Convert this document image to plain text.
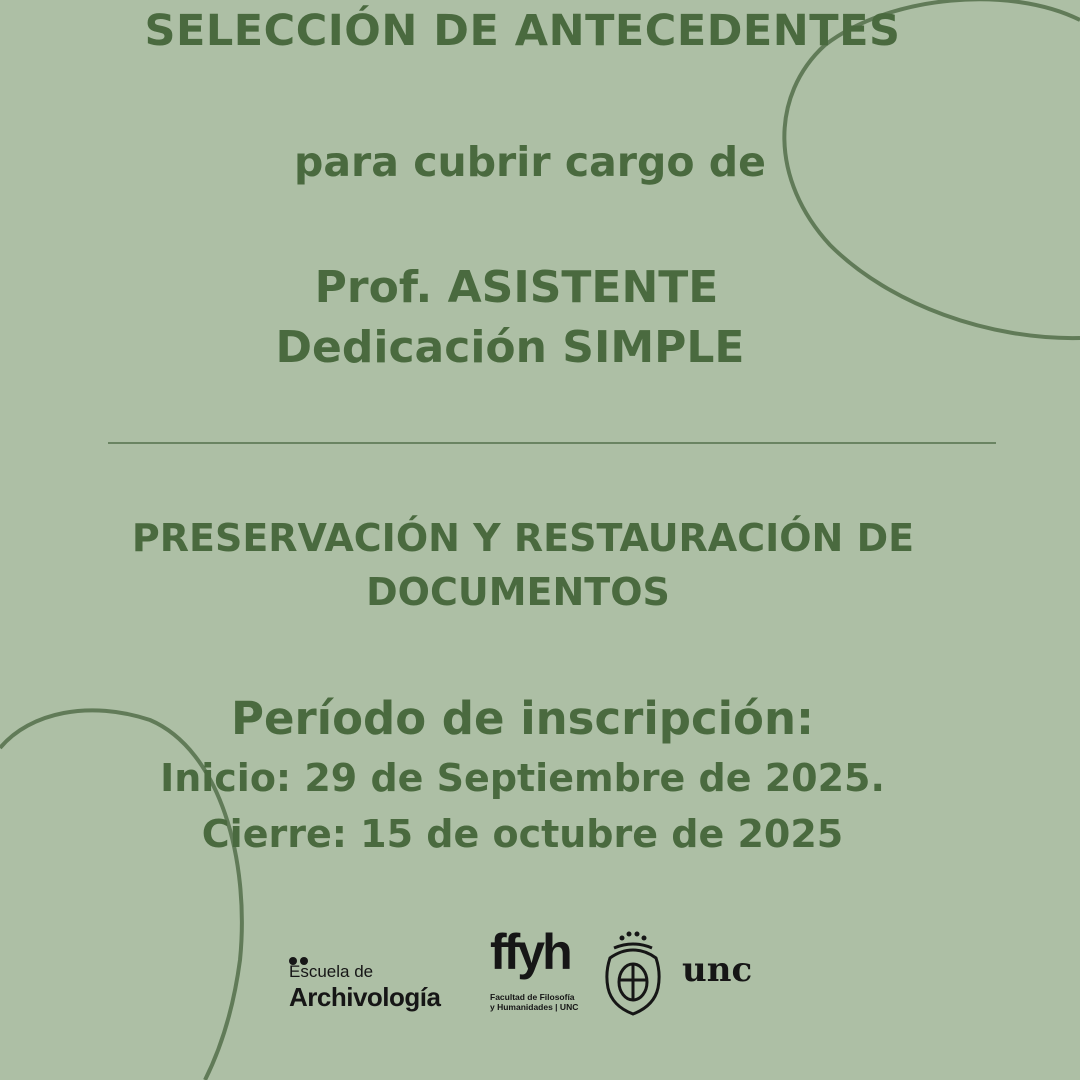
SELECCIÓN DE ANTECEDENTES
para cubrir cargo de
Prof. ASISTENTE
Dedicación SIMPLE
PRESERVACIÓN Y RESTAURACIÓN DE
DOCUMENTOS
Período de inscripción:
Inicio: 29 de Septiembre de 2025.
Cierre: 15 de octubre de 2025
Escuela de
Archivología
ffyh
Facultad de Filosofía
y Humanidades | UNC
unc
